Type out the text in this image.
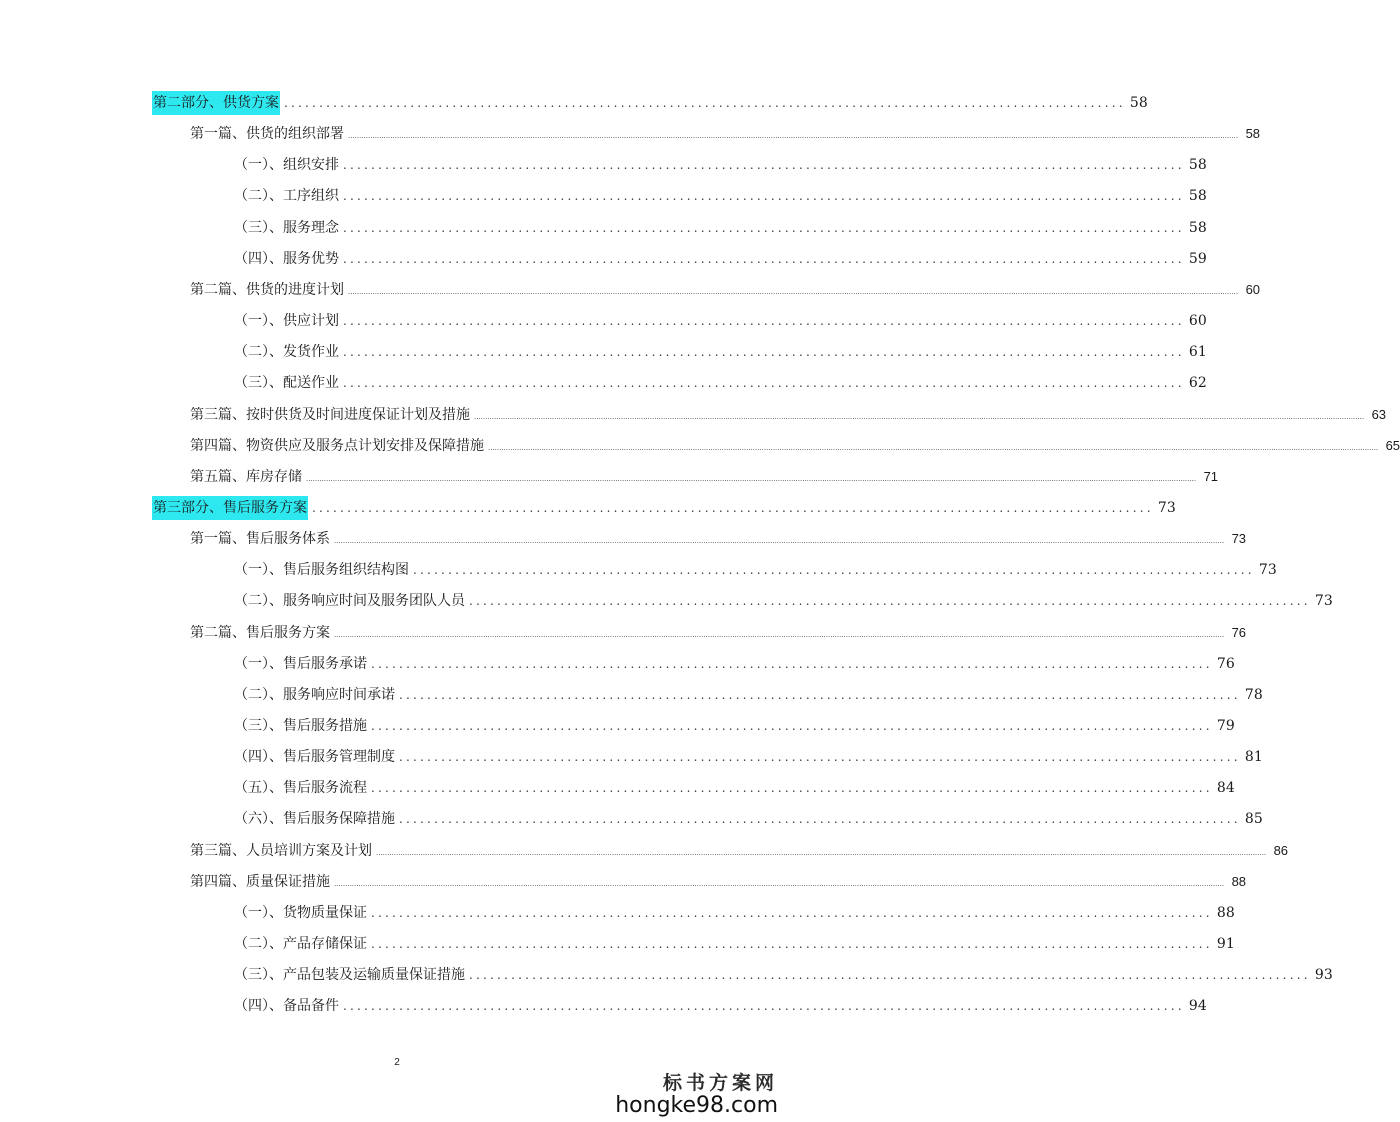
第二部分、供货方案 ........................................................................................................................ 58
第一篇、供货的组织部署 ................................................................................................................................................................................................................................................................................................................................................................................................................ 58
（一）、组织安排 ........................................................................................................................ 58
（二）、工序组织 ........................................................................................................................ 58
（三）、服务理念 ........................................................................................................................ 58
（四）、服务优势 ........................................................................................................................ 59
第二篇、供货的进度计划 ................................................................................................................................................................................................................................................................................................................................................................................................................ 60
（一）、供应计划 ........................................................................................................................ 60
（二）、发货作业 ........................................................................................................................ 61
（三）、配送作业 ........................................................................................................................ 62
第三篇、按时供货及时间进度保证计划及措施 ................................................................................................................................................................................................................................................................................................................................................................................................................ 63
第四篇、物资供应及服务点计划安排及保障措施 ................................................................................................................................................................................................................................................................................................................................................................................................................ 65
第五篇、库房存储 ................................................................................................................................................................................................................................................................................................................................................................................................................ 71
第三部分、售后服务方案 ........................................................................................................................ 73
第一篇、售后服务体系 ................................................................................................................................................................................................................................................................................................................................................................................................................ 73
（一）、售后服务组织结构图 ........................................................................................................................ 73
（二）、服务响应时间及服务团队人员 ........................................................................................................................ 73
第二篇、售后服务方案 ................................................................................................................................................................................................................................................................................................................................................................................................................ 76
（一）、售后服务承诺 ........................................................................................................................ 76
（二）、服务响应时间承诺 ........................................................................................................................ 78
（三）、售后服务措施 ........................................................................................................................ 79
（四）、售后服务管理制度 ........................................................................................................................ 81
（五）、售后服务流程 ........................................................................................................................ 84
（六）、售后服务保障措施 ........................................................................................................................ 85
第三篇、人员培训方案及计划 ................................................................................................................................................................................................................................................................................................................................................................................................................ 86
第四篇、质量保证措施 ................................................................................................................................................................................................................................................................................................................................................................................................................ 88
（一）、货物质量保证 ........................................................................................................................ 88
（二）、产品存储保证 ........................................................................................................................ 91
（三）、产品包装及运输质量保证措施 ........................................................................................................................ 93
（四）、备品备件 ........................................................................................................................ 94
2
标书方案网
hongke98.com
